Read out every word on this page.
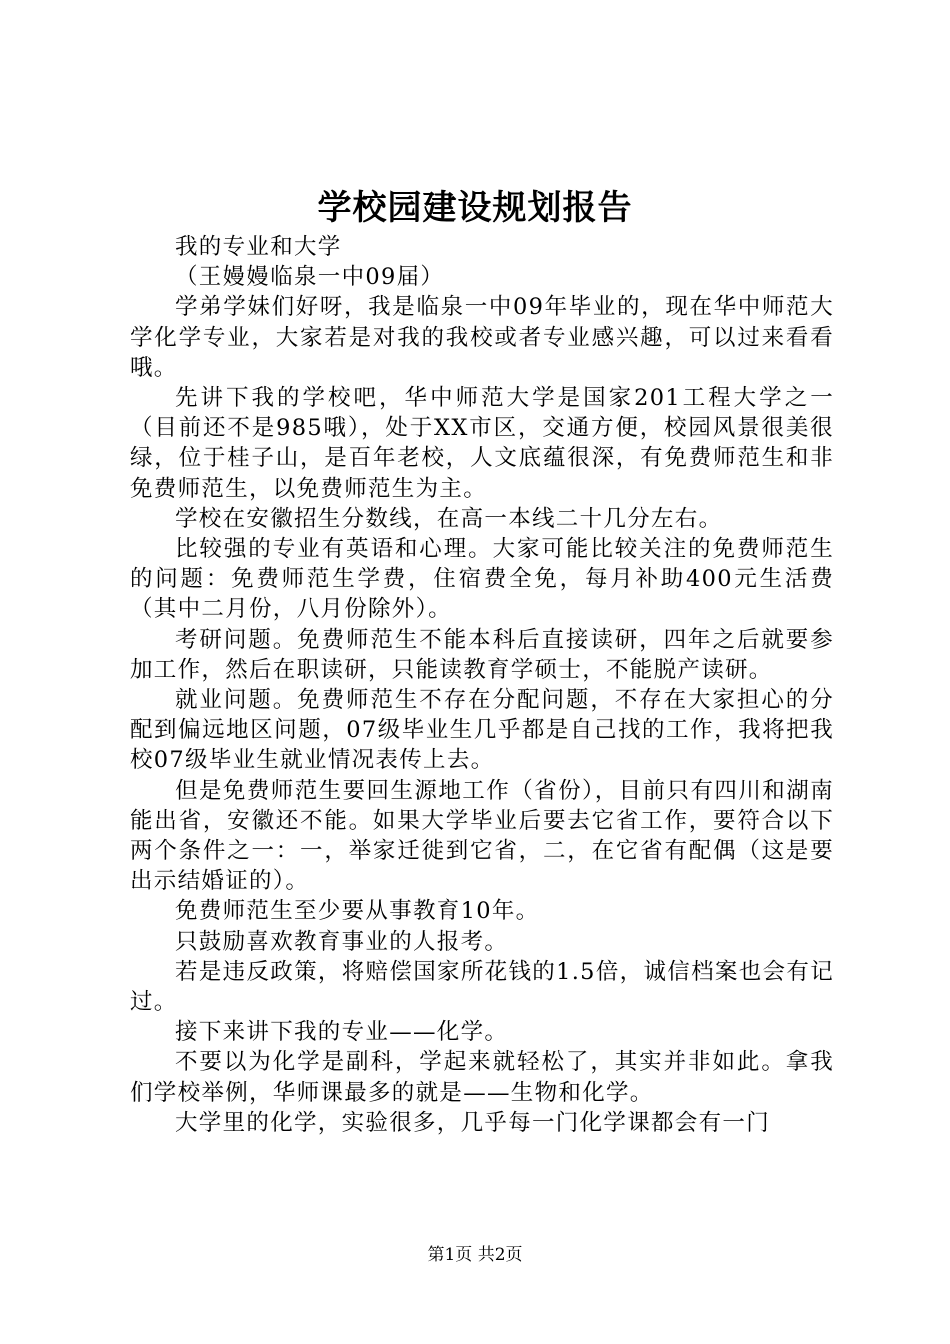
学校园建设规划报告

我的专业和大学

（王嫚嫚临泉一中09届）

学弟学妹们好呀，我是临泉一中09年毕业的，现在华中师范大学化学专业，大家若是对我的我校或者专业感兴趣，可以过来看看哦。

先讲下我的学校吧，华中师范大学是国家201工程大学之一（目前还不是985哦），处于XX市区，交通方便，校园风景很美很绿，位于桂子山，是百年老校，人文底蕴很深，有免费师范生和非免费师范生，以免费师范生为主。

学校在安徽招生分数线，在高一本线二十几分左右。

比较强的专业有英语和心理。大家可能比较关注的免费师范生的问题：免费师范生学费，住宿费全免，每月补助400元生活费（其中二月份，八月份除外）。

考研问题。免费师范生不能本科后直接读研，四年之后就要参加工作，然后在职读研，只能读教育学硕士，不能脱产读研。

就业问题。免费师范生不存在分配问题，不存在大家担心的分配到偏远地区问题，07级毕业生几乎都是自己找的工作，我将把我校07级毕业生就业情况表传上去。

但是免费师范生要回生源地工作（省份），目前只有四川和湖南能出省，安徽还不能。如果大学毕业后要去它省工作，要符合以下两个条件之一：一，举家迁徙到它省，二，在它省有配偶（这是要出示结婚证的）。

免费师范生至少要从事教育10年。

只鼓励喜欢教育事业的人报考。

若是违反政策，将赔偿国家所花钱的1.5倍，诚信档案也会有记过。

接下来讲下我的专业——化学。

不要以为化学是副科，学起来就轻松了，其实并非如此。拿我们学校举例，华师课最多的就是——生物和化学。

大学里的化学，实验很多，几乎每一门化学课都会有一门

第1页 共2页
